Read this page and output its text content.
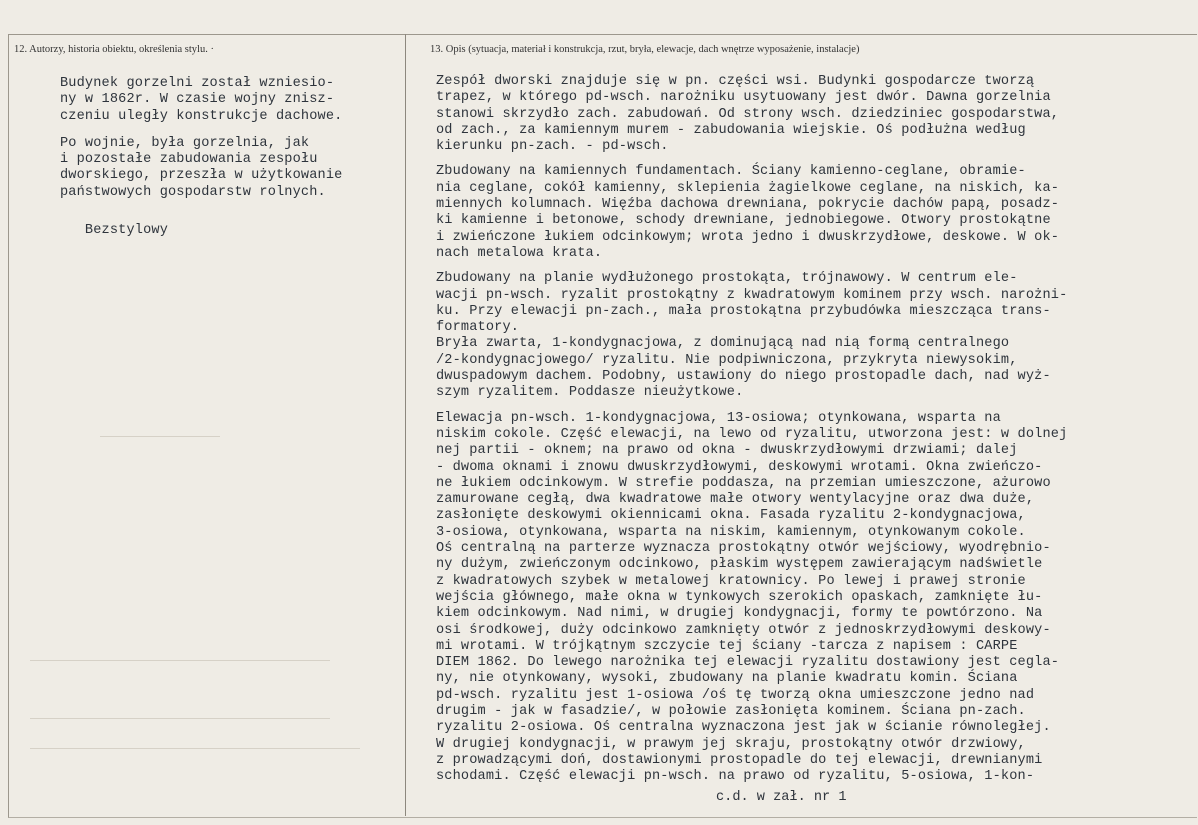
12. Autorzy, historia obiektu, określenia stylu. ·	13. Opis (sytuacja, materiał i konstrukcja, rzut, bryła, elewacje, dach wnętrze wyposażenie, instalacje)

Budynek gorzelni został wzniesio-

ny w 1862r. W czasie wojny znisz-

czeniu uległy konstrukcje dachowe.

Po wojnie, była gorzelnia, jak

i pozostałe zabudowania zespołu

dworskiego, przeszła w użytkowanie

państwowych gospodarstw rolnych.

Bezstylowy

Zespół dworski znajduje się w pn. części wsi. Budynki gospodarcze tworzą

trapez, w którego pd-wsch. narożniku usytuowany jest dwór. Dawna gorzelnia

stanowi skrzydło zach. zabudowań. Od strony wsch. dziedziniec gospodarstwa,

od zach., za kamiennym murem - zabudowania wiejskie. Oś podłużna według

kierunku pn-zach. - pd-wsch.

Zbudowany na kamiennych fundamentach. Ściany kamienno-ceglane, obramie-

nia ceglane, cokół kamienny, sklepienia żagielkowe ceglane, na niskich, ka-

miennych kolumnach. Więźba dachowa drewniana, pokrycie dachów papą, posadz-

ki kamienne i betonowe, schody drewniane, jednobiegowe. Otwory prostokątne

i zwieńczone łukiem odcinkowym; wrota jedno i dwuskrzydłowe, deskowe. W ok-

nach metalowa krata.

Zbudowany na planie wydłużonego prostokąta, trójnawowy. W centrum ele-

wacji pn-wsch. ryzalit prostokątny z kwadratowym kominem przy wsch. narożni-

ku. Przy elewacji pn-zach., mała prostokątna przybudówka mieszcząca trans-

formatory.

Bryła zwarta, 1-kondygnacjowa, z dominującą nad nią formą centralnego

/2-kondygnacjowego/ ryzalitu. Nie podpiwniczona, przykryta niewysokim,

dwuspadowym dachem. Podobny, ustawiony do niego prostopadle dach, nad wyż-

szym ryzalitem. Poddasze nieużytkowe.

Elewacja pn-wsch. 1-kondygnacjowa, 13-osiowa; otynkowana, wsparta na

niskim cokole. Część elewacji, na lewo od ryzalitu, utworzona jest: w dolnej

nej partii - oknem; na prawo od okna - dwuskrzydłowymi drzwiami; dalej

- dwoma oknami i znowu dwuskrzydłowymi, deskowymi wrotami. Okna zwieńczo-

ne łukiem odcinkowym. W strefie poddasza, na przemian umieszczone, ażurowo

zamurowane cegłą, dwa kwadratowe małe otwory wentylacyjne oraz dwa duże,

zasłonięte deskowymi okiennicami okna. Fasada ryzalitu 2-kondygnacjowa,

3-osiowa, otynkowana, wsparta na niskim, kamiennym, otynkowanym cokole.

Oś centralną na parterze wyznacza prostokątny otwór wejściowy, wyodrębnio-

ny dużym, zwieńczonym odcinkowo, płaskim występem zawierającym nadświetle

z kwadratowych szybek w metalowej kratownicy. Po lewej i prawej stronie

wejścia głównego, małe okna w tynkowych szerokich opaskach, zamknięte łu-

kiem odcinkowym. Nad nimi, w drugiej kondygnacji, formy te powtórzono. Na

osi środkowej, duży odcinkowo zamknięty otwór z jednoskrzydłowymi deskowy-

mi wrotami. W trójkątnym szczycie tej ściany -tarcza z napisem : CARPE

DIEM 1862. Do lewego narożnika tej elewacji ryzalitu dostawiony jest cegla-

ny, nie otynkowany, wysoki, zbudowany na planie kwadratu komin. Ściana

pd-wsch. ryzalitu jest 1-osiowa /oś tę tworzą okna umieszczone jedno nad

drugim - jak w fasadzie/, w połowie zasłonięta kominem. Ściana pn-zach.

ryzalitu 2-osiowa. Oś centralna wyznaczona jest jak w ścianie równoległej.

W drugiej kondygnacji, w prawym jej skraju, prostokątny otwór drzwiowy,

z prowadzącymi doń, dostawionymi prostopadle do tej elewacji, drewnianymi

schodami. Część elewacji pn-wsch. na prawo od ryzalitu, 5-osiowa, 1-kon-

c.d. w zał. nr 1
